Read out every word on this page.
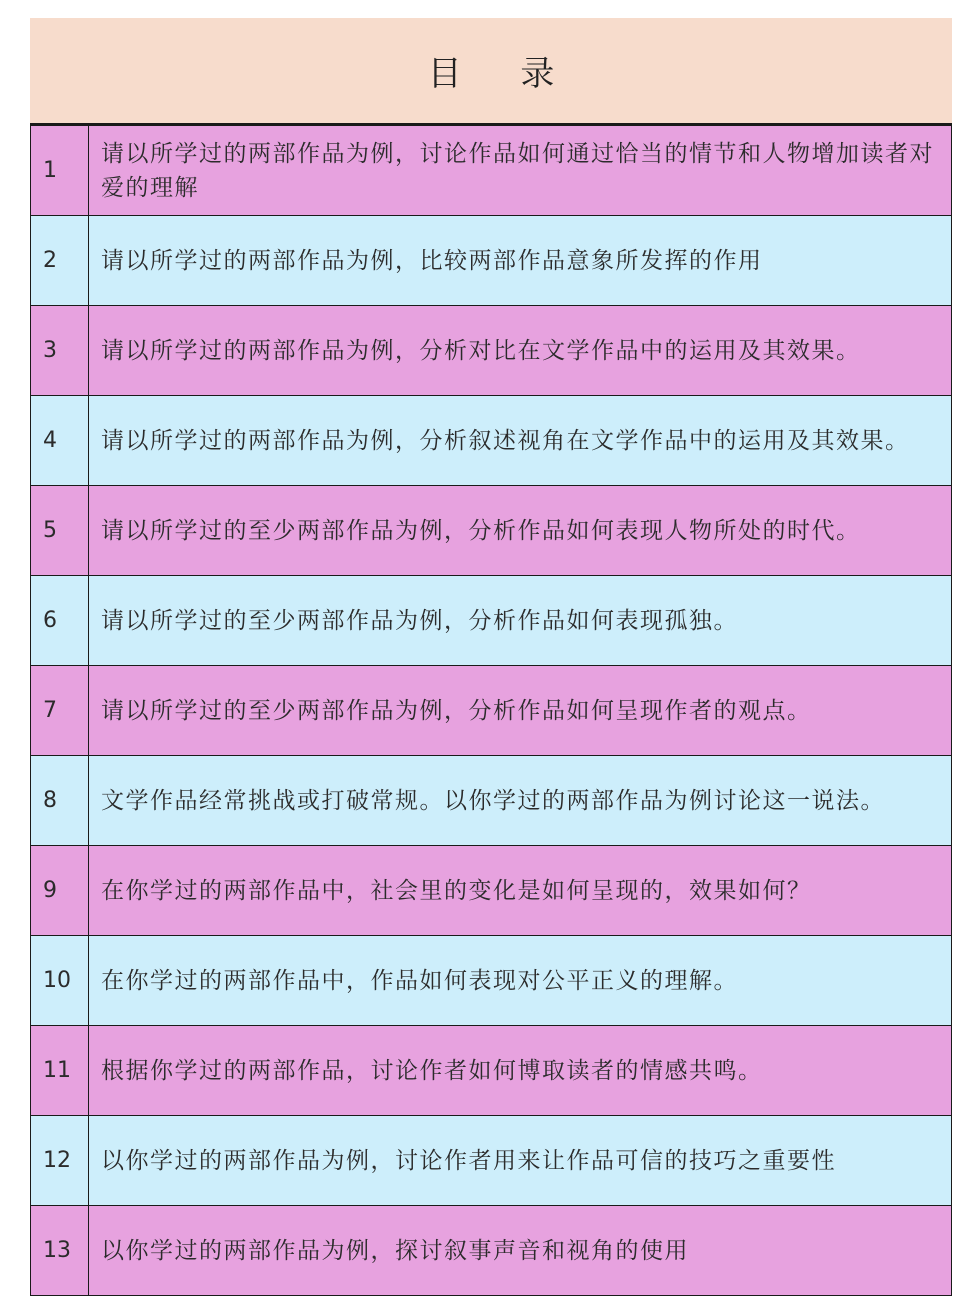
目 录
1	请以所学过的两部作品为例，讨论作品如何通过恰当的情节和人物增加读者对爱的理解
2	请以所学过的两部作品为例，比较两部作品意象所发挥的作用
3	请以所学过的两部作品为例，分析对比在文学作品中的运用及其效果。
4	请以所学过的两部作品为例，分析叙述视角在文学作品中的运用及其效果。
5	请以所学过的至少两部作品为例，分析作品如何表现人物所处的时代。
6	请以所学过的至少两部作品为例，分析作品如何表现孤独。
7	请以所学过的至少两部作品为例，分析作品如何呈现作者的观点。
8	文学作品经常挑战或打破常规。以你学过的两部作品为例讨论这一说法。
9	在你学过的两部作品中，社会里的变化是如何呈现的，效果如何？
10	在你学过的两部作品中，作品如何表现对公平正义的理解。
11	根据你学过的两部作品，讨论作者如何博取读者的情感共鸣。
12	以你学过的两部作品为例，讨论作者用来让作品可信的技巧之重要性
13	以你学过的两部作品为例，探讨叙事声音和视角的使用
